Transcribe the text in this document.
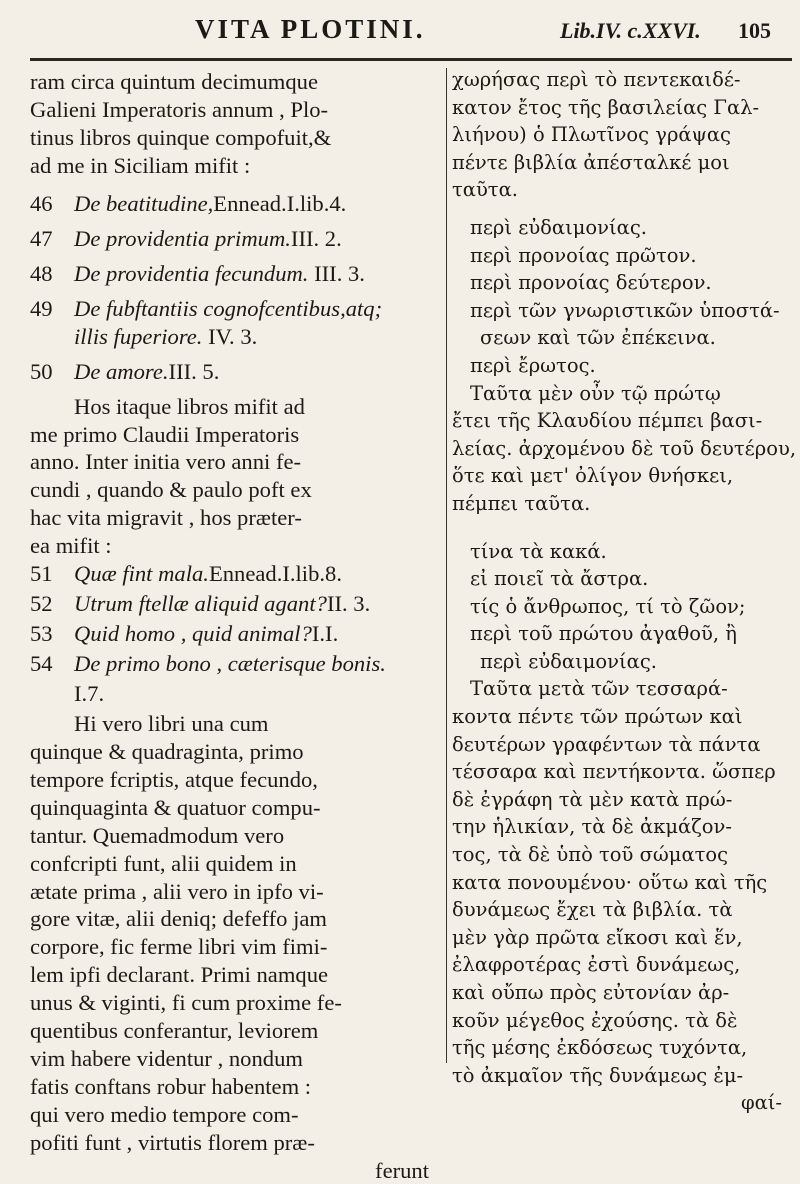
VITA PLOTINI.	Lib.IV. c.XXVI. 105

ram circa quintum decimumque

Galieni Imperatoris annum , Plo-

tinus libros quinque compofuit,&

ad me in Siciliam mifit :

46 De beatitudine,Ennead.I.lib.4.
47 De providentia primum.III. 2.
48 De providentia fecundum. III. 3.
49 De fubftantiis cognofcentibus,atq;
illis fuperiore. IV. 3.
50 De amore.III. 5.

Hos itaque libros mifit ad

me primo Claudii Imperatoris

anno. Inter initia vero anni fe-

cundi , quando & paulo poft ex

hac vita migravit , hos præter-

ea mifit :

51 Quæ fint mala.Ennead.I.lib.8.
52 Utrum ftellæ aliquid agant?II. 3.
53 Quid homo , quid animal?I.I.
54 De primo bono , cæterisque bonis.
I.7.

Hi vero libri una cum

quinque & quadraginta, primo

tempore fcriptis, atque fecundo,

quinquaginta & quatuor compu-

tantur. Quemadmodum vero

confcripti funt, alii quidem in

ætate prima , alii vero in ipfo vi-

gore vitæ, alii deniq; defeffo jam

corpore, fic ferme libri vim fimi-

lem ipfi declarant. Primi namque

unus & viginti, fi cum proxime fe-

quentibus conferantur, leviorem

vim habere videntur , nondum

fatis conftans robur habentem :

qui vero medio tempore com-

pofiti funt , virtutis florem præ-

ferunt

χωρήσας περὶ τὸ πεντεκαιδέ-
κατον ἔτος τῆς βασιλείας Γαλ-
λιήνου) ὁ Πλωτῖνος γράψας
πέντε βιβλία ἀπέσταλκέ μοι
ταῦτα.
περὶ εὐδαιμονίας.
περὶ προνοίας πρῶτον.
περὶ προνοίας δεύτερον.
περὶ τῶν γνωριστικῶν ὑποστά-
σεων καὶ τῶν ἐπέκεινα.
περὶ ἔρωτος.
Ταῦτα μὲν οὖν τῷ πρώτῳ
ἔτει τῆς Κλαυδίου πέμπει βασι-
λείας. ἀρχομένου δὲ τοῦ δευτέρου,
ὅτε καὶ μετ' ὀλίγον θνήσκει,
πέμπει ταῦτα.
τίνα τὰ κακά.
εἰ ποιεῖ τὰ ἄστρα.
τίς ὁ ἄνθρωπος, τί τὸ ζῶον;
περὶ τοῦ πρώτου ἀγαθοῦ, ἢ
περὶ εὐδαιμονίας.
Ταῦτα μετὰ τῶν τεσσαρά-
κοντα πέντε τῶν πρώτων καὶ
δευτέρων γραφέντων τὰ πάντα
τέσσαρα καὶ πεντήκοντα. ὥσπερ
δὲ ἐγράφη τὰ μὲν κατὰ πρώ-
την ἡλικίαν, τὰ δὲ ἀκμάζον-
τος, τὰ δὲ ὑπὸ τοῦ σώματος
κατα πονουμένου· οὕτω καὶ τῆς
δυνάμεως ἔχει τὰ βιβλία. τὰ
μὲν γὰρ πρῶτα εἴκοσι καὶ ἕν,
ἐλαφροτέρας ἐστὶ δυνάμεως,
καὶ οὔπω πρὸς εὐτονίαν ἀρ-
κοῦν μέγεθος ἐχούσης. τὰ δὲ
τῆς μέσης ἐκδόσεως τυχόντα,
τὸ ἀκμαῖον τῆς δυνάμεως ἐμ-
φαί-
